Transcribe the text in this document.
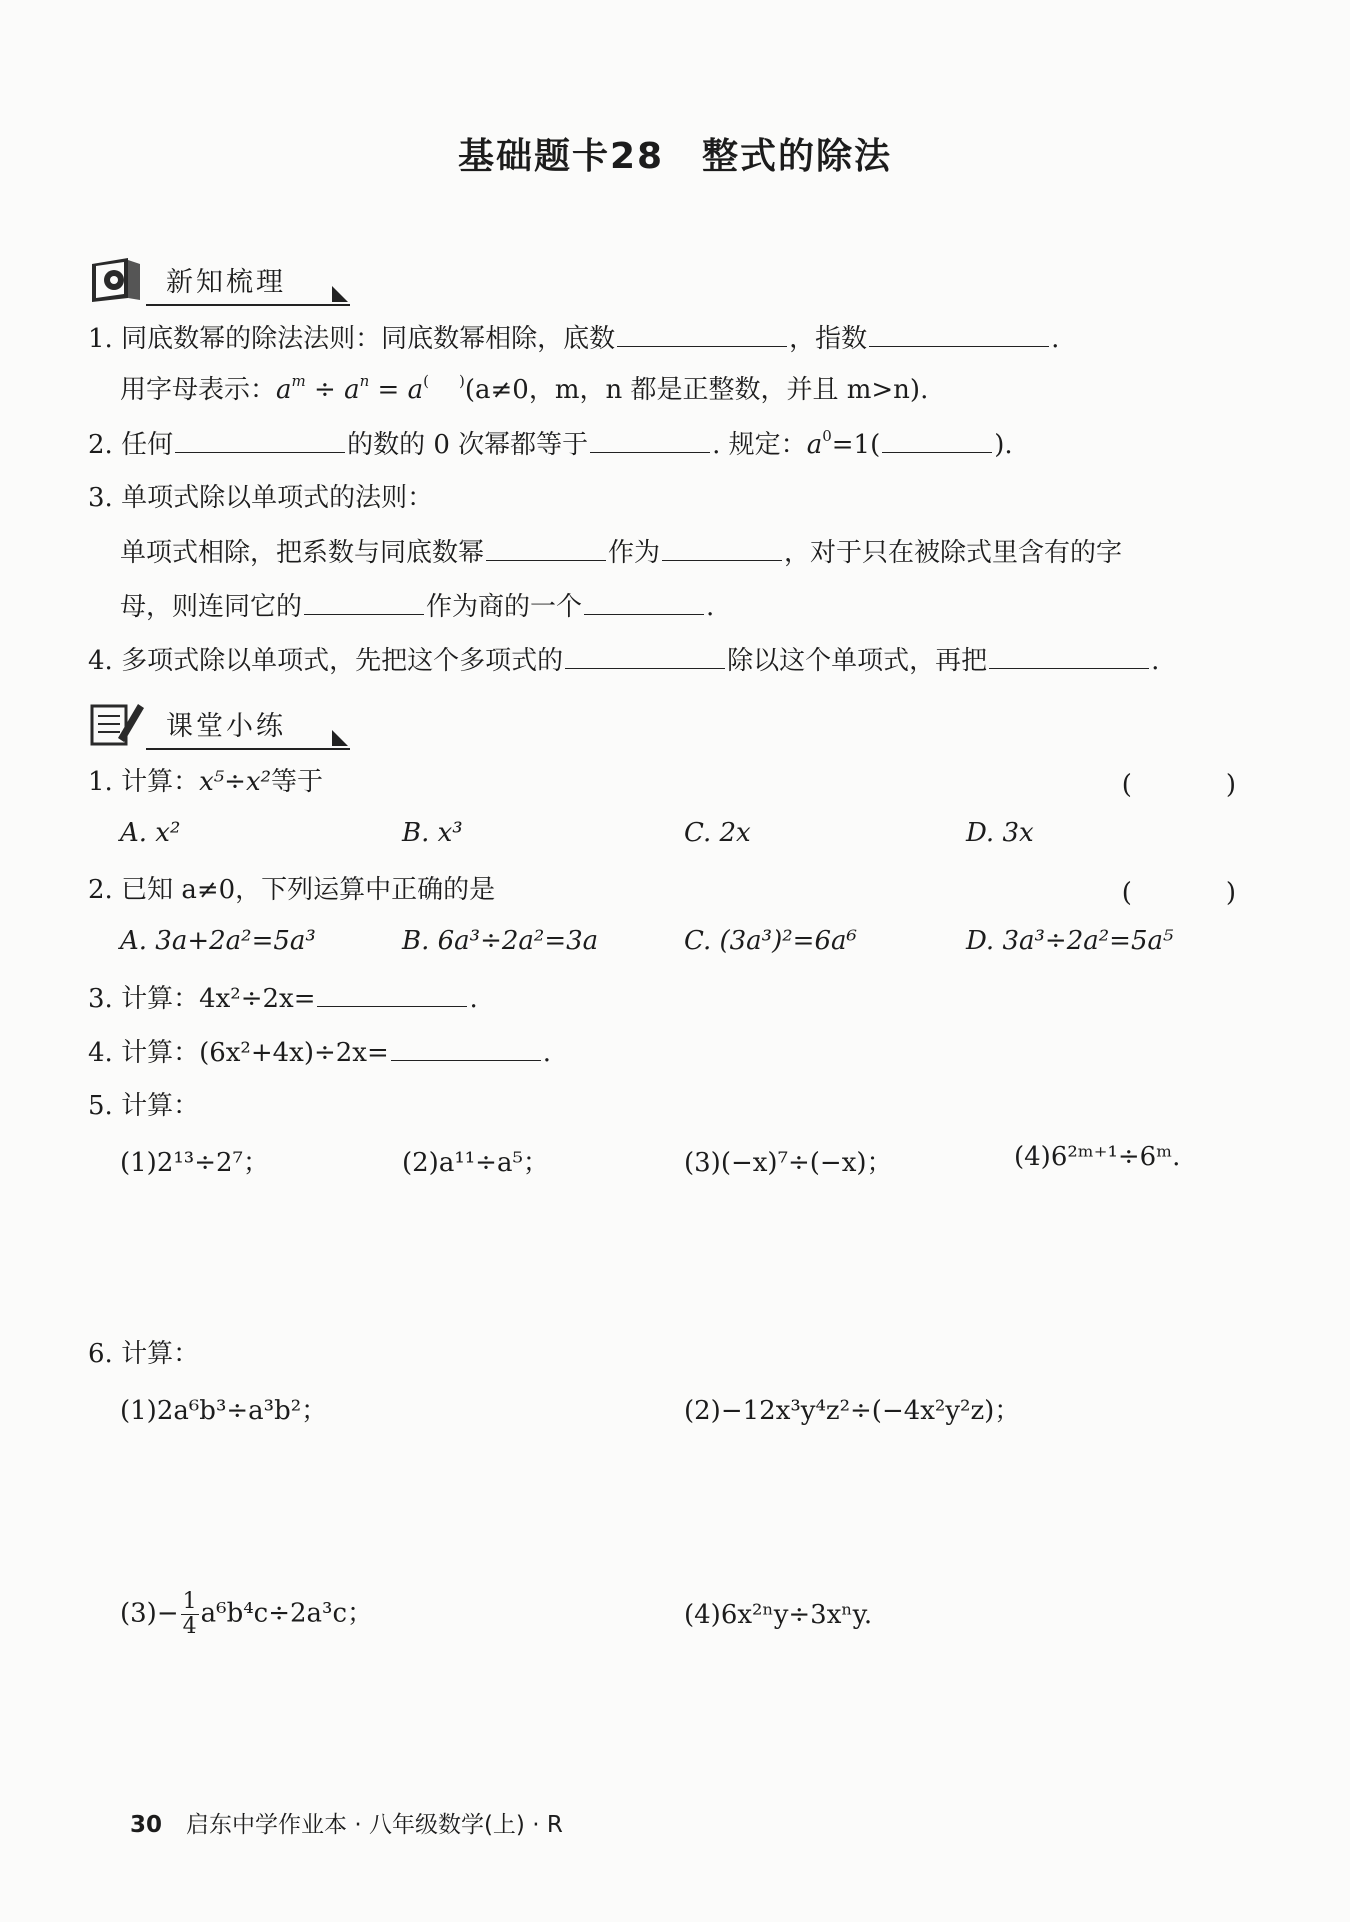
基础题卡28　整式的除法
新知梳理
1. 同底数幂的除法法则：同底数幂相除，底数	，指数	.
用字母表示：$a^m \div a^n = a^{( )}(a\ne 0$，m，n 都是正整数，并且 m>n).
2. 任何	的数的 0 次幂都等于	. 规定：$a^0=1$(	).
3. 单项式除以单项式的法则：
单项式相除，把系数与同底数幂	作为	，对于只在被除式里含有的字
母，则连同它的	作为商的一个	.
4. 多项式除以单项式，先把这个多项式的	除以这个单项式，再把	.
课堂小练
1. 计算：x⁵÷x²等于	(　)
A. x²	B. x³	C. 2x	D. 3x
2. 已知 a≠0，下列运算中正确的是	(　)
A. 3a+2a²=5a³	B. 6a³÷2a²=3a	C. (3a³)²=6a⁶	D. 3a³÷2a²=5a⁵
3. 计算：4x²÷2x=	.
4. 计算：(6x²+4x)÷2x=	.
5. 计算：
(1)2¹³÷2⁷；	(2)a¹¹÷a⁵；	(3)(−x)⁷÷(−x)；	(4)6²ᵐ⁺¹÷6ᵐ.
6. 计算：
(1)2a⁶b³÷a³b²；	(2)−12x³y⁴z²÷(−4x²y²z)；
$(3)- \frac{1}{4} a^6b^4c\div 2a^3c$；	(4)6x²ⁿy÷3xⁿy.
30 启东中学作业本 · 八年级数学(上) · R
